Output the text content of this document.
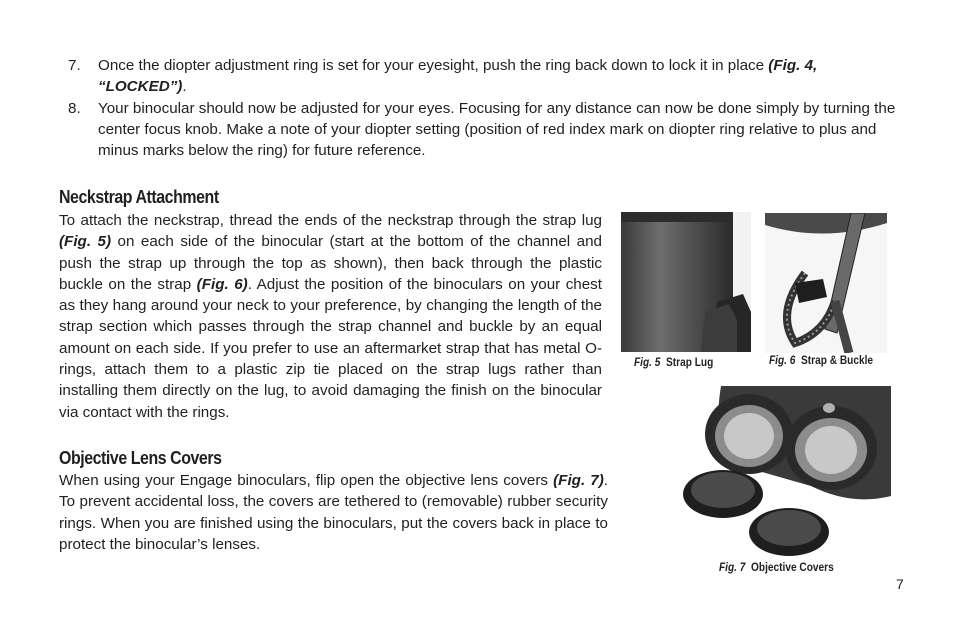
7.	Once the diopter adjustment ring is set for your eyesight, push the ring back down to lock it in place (Fig. 4, “LOCKED”).
8.	Your binocular should now be adjusted for your eyes. Focusing for any distance can now be done simply by turning the center focus knob. Make a note of your diopter setting (position of red index mark on diopter ring relative to plus and minus marks below the ring) for future reference.
Neckstrap Attachment
To attach the neckstrap, thread the ends of the neckstrap through the strap lug (Fig. 5) on each side of the binocular (start at the bottom of the channel and push the strap up through the top as shown), then back through the plastic buckle on the strap (Fig. 6). Adjust the position of the binoculars on your chest as they hang around your neck to your preference, by changing the length of the strap section which passes through the strap channel and buckle by an equal amount on each side. If you prefer to use an aftermarket strap that has metal O-rings, attach them to a plastic zip tie placed on the strap lugs rather than installing them directly on the lug, to avoid damaging the finish on the binocular via contact with the rings.
Objective Lens Covers
When using your Engage binoculars, flip open the objective lens covers (Fig. 7). To prevent accidental loss, the covers are tethered to (removable) rubber security rings. When you are finished using the binoculars, put the covers back in place to protect the binocular’s lenses.
Fig. 5 Strap Lug	Fig. 6 Strap & Buckle
Fig. 7 Objective Covers
7
